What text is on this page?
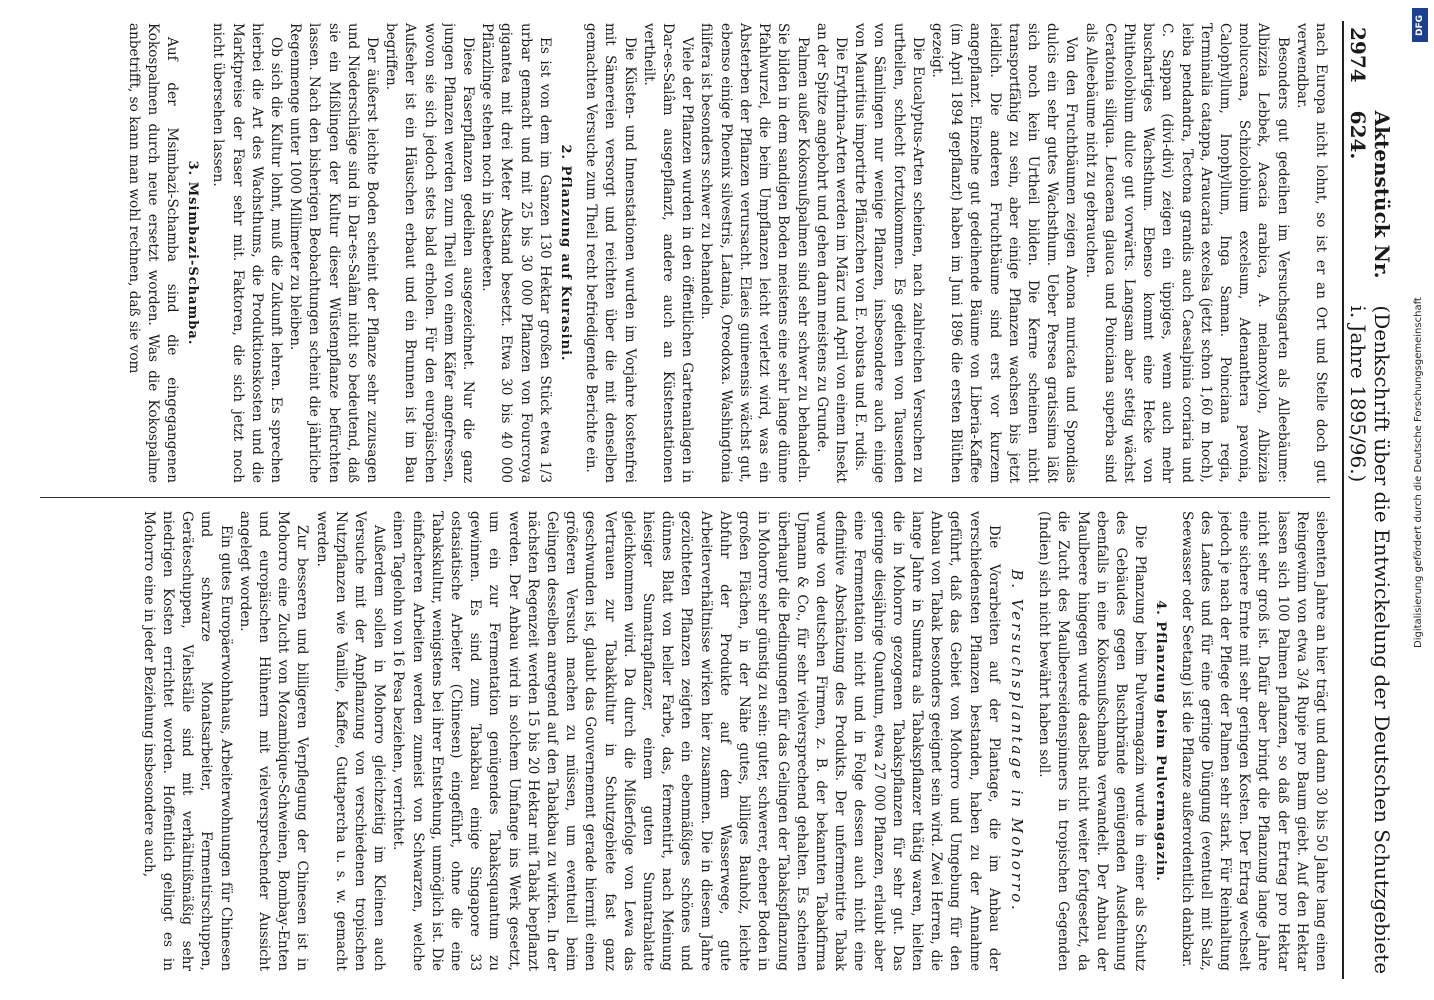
2974
Aktenstück Nr. 624.
(Denkschrift über die Entwickelung der Deutschen Schutzgebiete i. Jahre 1895/96.)

nach Europa nicht lohnt, so ist er an Ort und Stelle doch gut verwendbar.

Besonders gut gedeihen im Versuchsgarten als Alleebäume: Albizzia Lebbek, Acacia arabica, A. melanoxylon, Albizzia moluccana, Schizolobium excelsum, Adenanthera pavonia, Calophyllum, Inophyllum, Inga Saman. Poinciana regia, Terminalia catappa, Araucaria excelsa (jetzt schon 1,60 m hoch), leiba pendandra, Tectona grandis auch Caesalpinia coriaria und C. Sappan (divi-divi) zeigen ein üppiges, wenn auch mehr buschartiges Wachsthum. Ebenso kommt eine Hecke von Phitheolobium dulce gut vorwärts. Langsam aber stetig wächst Ceratonia siliqua. Leucaena glauca und Poinciana superba sind als Alleebäume nicht zu gebrauchen.

Von den Fruchtbäumen zeigen Anona muricata und Spondias dulcis ein sehr gutes Wachsthum. Ueber Persea gratissima läßt sich noch kein Urtheil bilden. Die Kerne scheinen nicht transportfähig zu sein, aber einige Pflanzen wachsen bis jetzt leidlich. Die anderen Fruchtbäume sind erst vor kurzem angepflanzt. Einzelne gut gedeihende Bäume von Liberia-Kaffee (im April 1894 gepflanzt) haben im Juni 1896 die ersten Blüthen gezeigt.

Die Eucalyptus-Arten scheinen, nach zahlreichen Versuchen zu urtheilen, schlecht fortzukommen. Es gediehen von Tausenden von Sämlingen nur wenige Pflanzen, insbesondere auch einige von Mauritius importirte Pflänzchen von E. robusta und E. rudis.

Die Erythrina-Arten werden im März und April von einem Insekt an der Spitze angebohrt und gehen dann meistens zu Grunde.

Palmen außer Kokosnußpalmen sind sehr schwer zu behandeln. Sie bilden in dem sandigen Boden meistens eine sehr lange dünne Pfahlwurzel, die beim Umpflanzen leicht verletzt wird, was ein Absterben der Pflanzen verursacht. Elaeis guineensis wächst gut, ebenso einige Phoenix silvestris, Latania, Oreodoxa. Washingtonia filifera ist besonders schwer zu behandeln.

Viele der Pflanzen wurden in den öffentlichen Gartenanlagen in Dar-es-Salâm ausgepflanzt, andere auch an Küstenstationen vertheilt.

Die Küsten- und Innenstationen wurden im Vorjahre kostenfrei mit Sämereien versorgt und reichten über die mit denselben gemachten Versuche zum Theil recht befriedigende Berichte ein.

2. Pflanzung auf Kurasini.

Es ist von dem im Ganzen 130 Hektar großen Stück etwa 1/3 urbar gemacht und mit 25 bis 30 000 Pflanzen von Fourcroya gigantea mit drei Meter Abstand besetzt. Etwa 30 bis 40 000 Pflänzlinge stehen noch in Saatbeeten.

Diese Faserpflanzen gedeihen ausgezeichnet. Nur die ganz jungen Pflanzen werden zum Theil von einem Käfer angefressen, wovon sie sich jedoch stets bald erholen. Für den europäischen Aufseher ist ein Häuschen erbaut und ein Brunnen ist im Bau begriffen.

Der äußerst leichte Boden scheint der Pflanze sehr zuzusagen und Niederschläge sind in Dar-es-Salâm nicht so bedeutend, daß sie ein Mißlingen der Kultur dieser Wüstenpflanze befürchten lassen. Nach den bisherigen Beobachtungen scheint die jährliche Regenmenge unter 1000 Millimeter zu bleiben.

Ob sich die Kultur lohnt, muß die Zukunft lehren. Es sprechen hierbei die Art des Wachsthums, die Produktionskosten und die Marktpreise der Faser sehr mit. Faktoren, die sich jetzt noch nicht übersehen lassen.

3. Msimbazi-Schamba.

Auf der Msimbazi-Schamba sind die eingegangenen Kokospalmen durch neue ersetzt worden. Was die Kokospalme anbetrifft, so kann man wohl rechnen, daß sie vom

siebenten Jahre an hier trägt und dann 30 bis 50 Jahre lang einen Reingewinn von etwa 3/4 Rupie pro Baum giebt. Auf den Hektar lassen sich 100 Palmen pflanzen, so daß der Ertrag pro Hektar nicht sehr groß ist. Dafür aber bringt die Pflanzung lange Jahre eine sichere Ernte mit sehr geringen Kosten. Der Ertrag wechselt jedoch je nach der Pflege der Palmen sehr stark. Für Reinhaltung des Landes und für eine geringe Düngung (eventuell mit Salz, Seewasser oder Seetang) ist die Pflanze außerordentlich dankbar.

4. Pflanzung beim Pulvermagazin.

Die Pflanzung beim Pulvermagazin wurde in einer als Schutz des Gebäudes gegen Buschbrände genügenden Ausdehnung ebenfalls in eine Kokosnußschamba verwandelt. Der Anbau der Maulbeere hingegen wurde daselbst nicht weiter fortgesetzt, da die Zucht des Maulbeerseidenspinners in tropischen Gegenden (Indien) sich nicht bewährt haben soll.

B. Versuchsplantage in Mohorro.

Die Vorarbeiten auf der Plantage, die im Anbau der verschiedensten Pflanzen bestanden, haben zu der Annahme geführt, daß das Gebiet von Mohorro und Umgebung für den Anbau von Tabak besonders geeignet sein wird. Zwei Herren, die lange Jahre in Sumatra als Tabakspflanzer thätig waren, hielten die in Mohorro gezogenen Tabakspflanzen für sehr gut. Das geringe diesjährige Quantum, etwa 27 000 Pflanzen, erlaubt aber eine Fermentation nicht und in Folge dessen auch nicht eine definitive Abschätzung des Produkts. Der unfermentirte Tabak wurde von deutschen Firmen, z. B. der bekannten Tabakfirma Upmann & Co., für sehr vielversprechend gehalten. Es scheinen überhaupt die Bedingungen für das Gelingen der Tabakspflanzung in Mohorro sehr günstig zu sein: guter, schwerer, ebener Boden in großen Flächen, in der Nähe gutes, billiges Bauholz, leichte Abfuhr der Produkte auf dem Wasserwege, gute Arbeiterverhältnisse wirken hier zusammen. Die in diesem Jahre gezüchteten Pflanzen zeigten ein ebenmäßiges schönes und dünnes Blatt von heller Farbe, das, fermentirt, nach Meinung hiesiger Sumatrapflanzer, einem guten Sumatrablatte gleichkommen wird. Da durch die Mißerfolge von Lewa das Vertrauen zur Tabakkultur in Schutzgebiete fast ganz geschwunden ist, glaubt das Gouvernement gerade hiermit einen größeren Versuch machen zu müssen, um eventuell beim Gelingen desselben anregend auf den Tabakbau zu wirken. In der nächsten Regenzeit werden 15 bis 20 Hektar mit Tabak bepflanzt werden. Der Anbau wird in solchem Umfange ins Werk gesetzt, um ein zur Fermentation genügendes Tabaksquantum zu gewinnen. Es sind zum Tabakbau einige Singapore 33 ostasiatische Arbeiter (Chinesen) eingeführt, ohne die eine Tabakskultur, wenigstens bei ihrer Entstehung, unmöglich ist. Die einfacheren Arbeiten werden zumeist von Schwarzen, welche einen Tagelohn von 16 Pesa beziehen, verrichtet.

Außerdem sollen in Mohorro gleichzeitig im Kleinen auch Versuche mit der Anpflanzung von verschiedenen tropischen Nutzpflanzen wie Vanille, Kaffee, Guttapercha u. s. w. gemacht werden.

Zur besseren und billigeren Verpflegung der Chinesen ist in Mohorro eine Zucht von Mozambique-Schweinen, Bombay-Enten und europäischen Hühnern mit vielversprechender Aussicht angelegt worden.

Ein gutes Europäerwohnhaus, Arbeiterwohnungen für Chinesen und schwarze Monatsarbeiter, Fermentirschuppen, Geräteschuppen, Viehställe sind mit verhältnißmäßig sehr niedrigen Kosten errichtet worden. Hoffentlich gelingt es in Mohorro eine in jeder Beziehung insbesondere auch,

DFG
Digitalisierung gefördert durch die Deutsche Forschungsgemeinschaft
